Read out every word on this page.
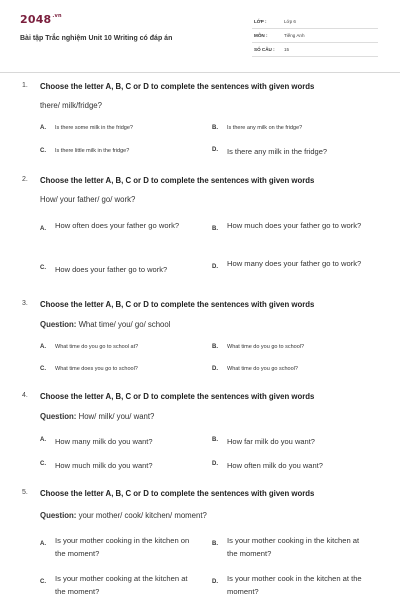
$2048^{.vn}$
Bài tập Trắc nghiệm Unit 10 Writing có đáp án
LỚP :	Lớp 6
MÔN :	Tiếng Anh
SỐ CÂU : 15
1. Choose the letter A, B, C or D to complete the sentences with given words
there/ milk/fridge?
A. Is there some milk in the fridge?	B. Is there any milk on the fridge?
C. Is there little milk in the fridge?	D. Is there any milk in the fridge?
2. Choose the letter A, B, C or D to complete the sentences with given words
How/ your father/ go/ work?
A. How often does your father go work?	B. How much does your father go to work?
C. How does your father go to work?	D. How many does your father go to work?
3. Choose the letter A, B, C or D to complete the sentences with given words
Question: What time/ you/ go/ school
A. What time do you go to school at?	B. What time do you go to school?
C. What time does you go to school?	D. What time do you go school?
4. Choose the letter A, B, C or D to complete the sentences with given words
Question: How/ milk/ you/ want?
A. How many milk do you want?	B. How far milk do you want?
C. How much milk do you want?	D. How often milk do you want?
5. Choose the letter A, B, C or D to complete the sentences with given words
Question: your mother/ cook/ kitchen/ moment?
A. Is your mother cooking in the kitchen on the moment?
B. Is your mother cooking in the kitchen at the moment?
C. Is your mother cooking at the kitchen at the moment?
D. Is your mother cook in the kitchen at the moment?
